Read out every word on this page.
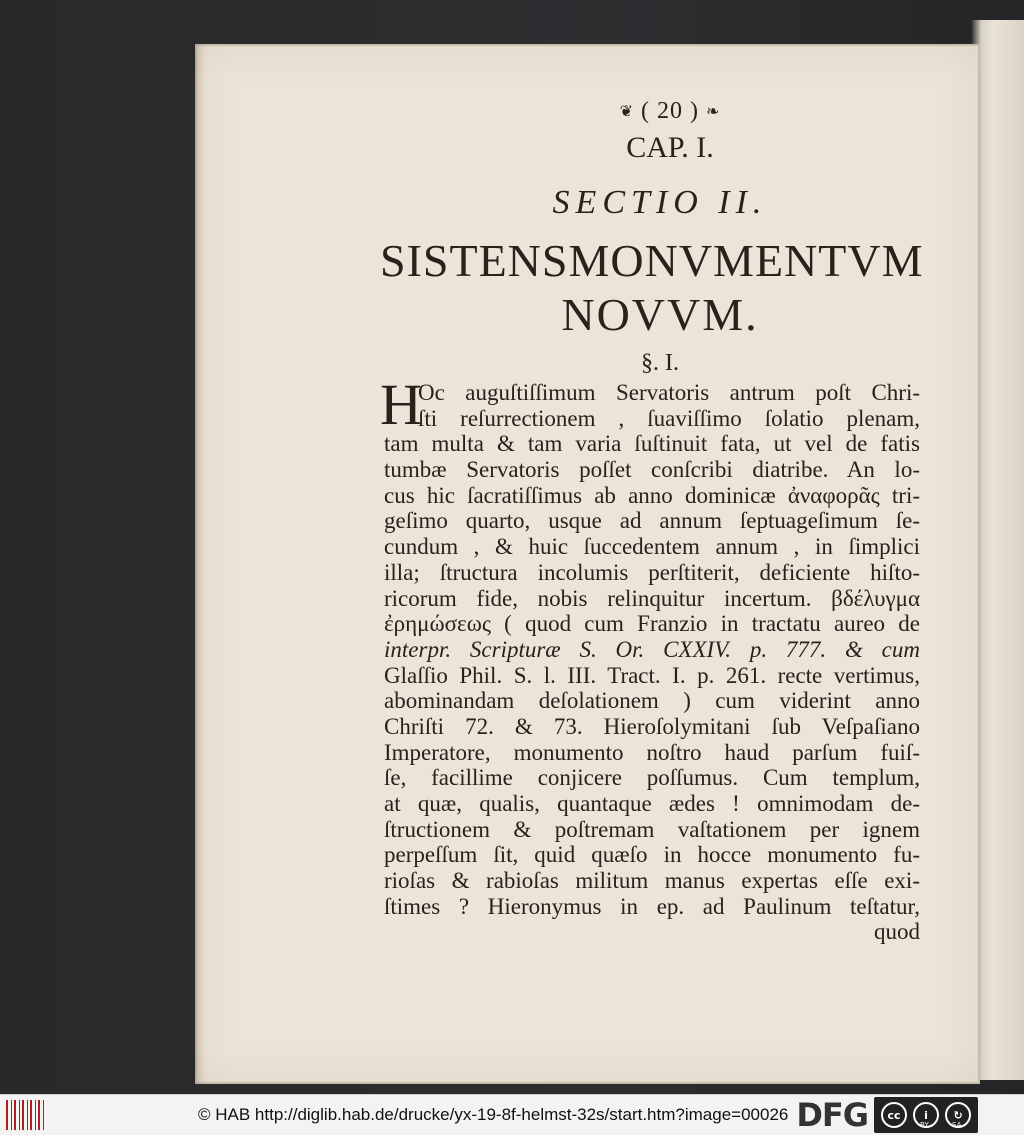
❦ ( 20 ) ❧
CAP. I.
SECTIO II.
SISTENS MONVMENTVM
NOVVM.
§. I.
H
Oc auguſtiſſimum Servatoris antrum poſt Chri-
ſti reſurrectionem , ſuaviſſimo ſolatio plenam,
tam multa & tam varia ſuſtinuit fata, ut vel de fatis
tumbæ Servatoris poſſet conſcribi diatribe. An lo-
cus hic ſacratiſſimus ab anno dominicæ ἀναφορᾶς tri-
geſimo quarto, usque ad annum ſeptuageſimum ſe-
cundum , & huic ſuccedentem annum , in ſimplici
illa; ſtructura incolumis perſtiterit, deficiente hiſto-
ricorum fide, nobis relinquitur incertum. βδέλυγμα
ἐρημώσεως ( quod cum Franzio in tractatu aureo de
interpr. Scripturæ S. Or. CXXIV. p. 777. & cum
Glaſſio Phil. S. l. III. Tract. I. p. 261. recte vertimus,
abominandam deſolationem ) cum viderint anno
Chriſti 72. & 73. Hieroſolymitani ſub Veſpaſiano
Imperatore, monumento noſtro haud parſum fuiſ-
ſe, facillime conjicere poſſumus. Cum templum,
at quæ, qualis, quantaque ædes ! omnimodam de-
ſtructionem & poſtremam vaſtationem per ignem
perpeſſum ſit, quid quæſo in hocce monumento fu-
rioſas & rabioſas militum manus expertas eſſe exi-
ſtimes ? Hieronymus in ep. ad Paulinum teſtatur,
quod
© HAB http://diglib.hab.de/drucke/yx-19-8f-helmst-32s/start.htm?image=00026 DFG	cc	i
BY
↻
SA
